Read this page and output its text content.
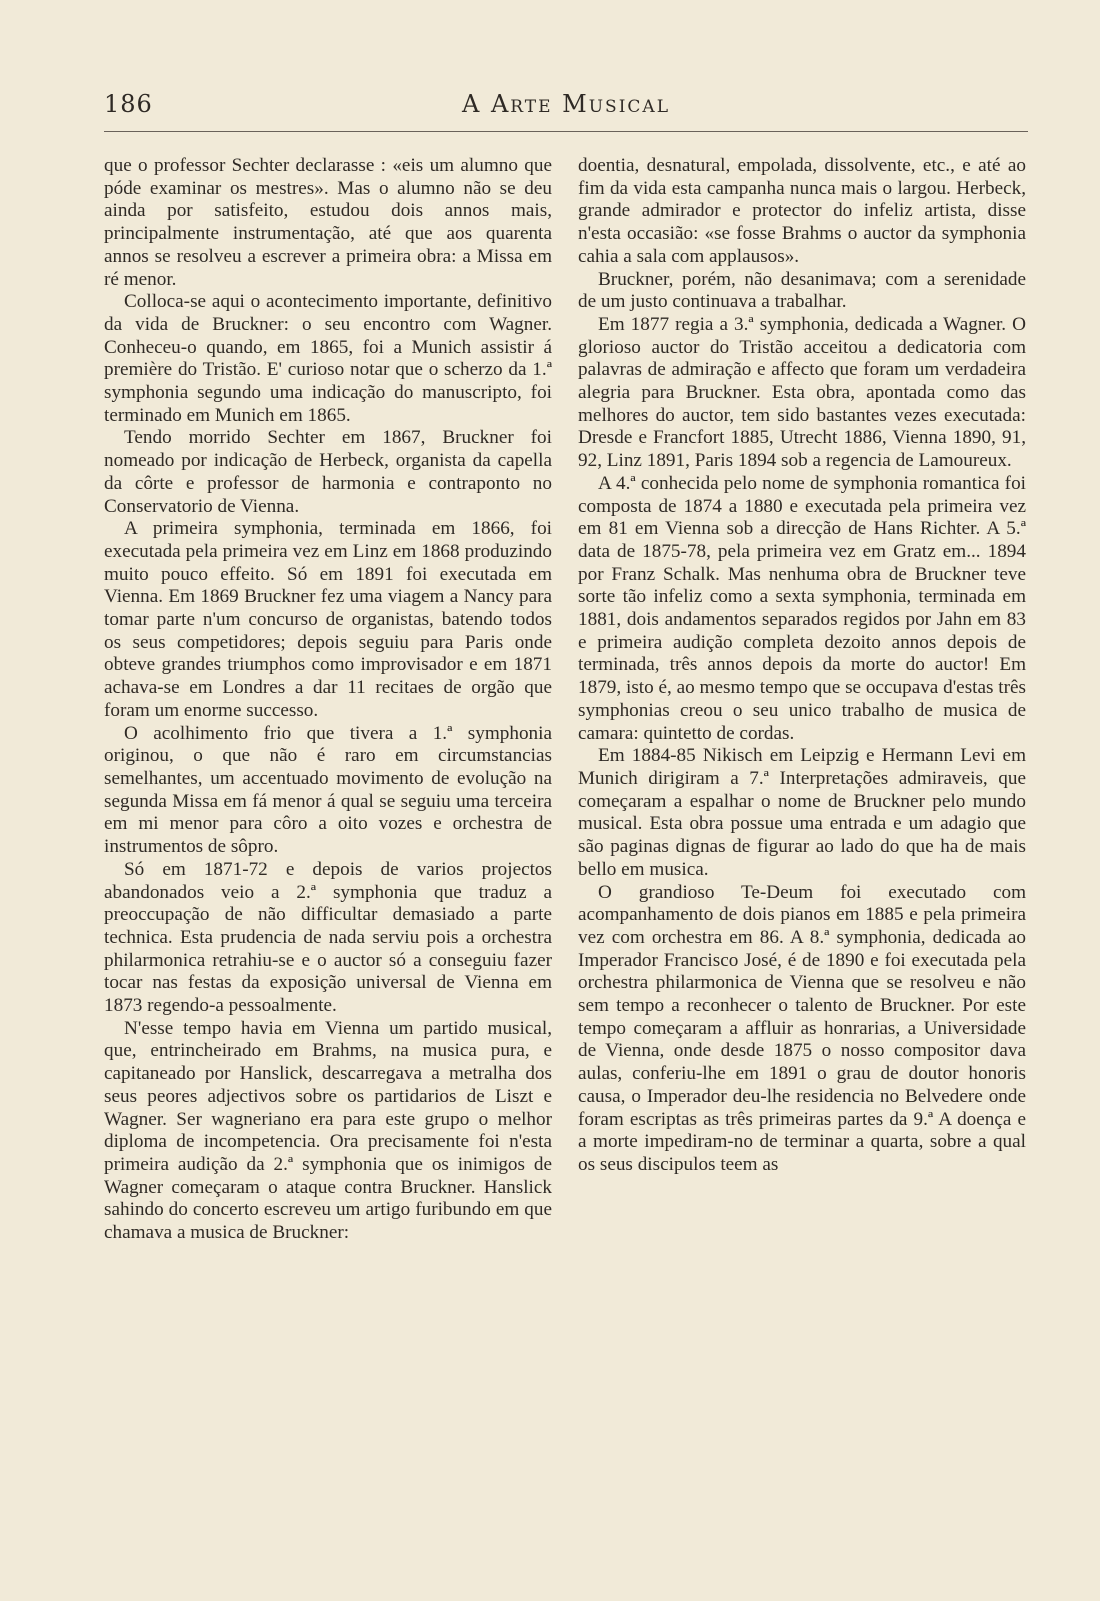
186	A Arte Musical

que o professor Sechter declarasse : «eis um alumno que póde examinar os mestres». Mas o alumno não se deu ainda por satisfeito, estudou dois annos mais, principalmente instrumentação, até que aos quarenta annos se resolveu a escrever a primeira obra: a Missa em ré menor.

Colloca-se aqui o acontecimento importante, definitivo da vida de Bruckner: o seu encontro com Wagner. Conheceu-o quando, em 1865, foi a Munich assistir á première do Tristão. E' curioso notar que o scherzo da 1.ª symphonia segundo uma indicação do manuscripto, foi terminado em Munich em 1865.

Tendo morrido Sechter em 1867, Bruckner foi nomeado por indicação de Herbeck, organista da capella da côrte e professor de harmonia e contraponto no Conservatorio de Vienna.

A primeira symphonia, terminada em 1866, foi executada pela primeira vez em Linz em 1868 produzindo muito pouco effeito. Só em 1891 foi executada em Vienna. Em 1869 Bruckner fez uma viagem a Nancy para tomar parte n'um concurso de organistas, batendo todos os seus competidores; depois seguiu para Paris onde obteve grandes triumphos como improvisador e em 1871 achava-se em Londres a dar 11 recitaes de orgão que foram um enorme successo.

O acolhimento frio que tivera a 1.ª symphonia originou, o que não é raro em circumstancias semelhantes, um accentuado movimento de evolução na segunda Missa em fá menor á qual se seguiu uma terceira em mi menor para côro a oito vozes e orchestra de instrumentos de sôpro.

Só em 1871-72 e depois de varios projectos abandonados veio a 2.ª symphonia que traduz a preoccupação de não difficultar demasiado a parte technica. Esta prudencia de nada serviu pois a orchestra philarmonica retrahiu-se e o auctor só a conseguiu fazer tocar nas festas da exposição universal de Vienna em 1873 regendo-a pessoalmente.

N'esse tempo havia em Vienna um partido musical, que, entrincheirado em Brahms, na musica pura, e capitaneado por Hanslick, descarregava a metralha dos seus peores adjectivos sobre os partidarios de Liszt e Wagner. Ser wagneriano era para este grupo o melhor diploma de incompetencia. Ora precisamente foi n'esta primeira audição da 2.ª symphonia que os inimigos de Wagner começaram o ataque contra Bruckner. Hanslick sahindo do concerto escreveu um artigo furibundo em que chamava a musica de Bruckner:

doentia, desnatural, empolada, dissolvente, etc., e até ao fim da vida esta campanha nunca mais o largou. Herbeck, grande admirador e protector do infeliz artista, disse n'esta occasião: «se fosse Brahms o auctor da symphonia cahia a sala com applausos».

Bruckner, porém, não desanimava; com a serenidade de um justo continuava a trabalhar.

Em 1877 regia a 3.ª symphonia, dedicada a Wagner. O glorioso auctor do Tristão acceitou a dedicatoria com palavras de admiração e affecto que foram um verdadeira alegria para Bruckner. Esta obra, apontada como das melhores do auctor, tem sido bastantes vezes executada: Dresde e Francfort 1885, Utrecht 1886, Vienna 1890, 91, 92, Linz 1891, Paris 1894 sob a regencia de Lamoureux.

A 4.ª conhecida pelo nome de symphonia romantica foi composta de 1874 a 1880 e executada pela primeira vez em 81 em Vienna sob a direcção de Hans Richter. A 5.ª data de 1875-78, pela primeira vez em Gratz em... 1894 por Franz Schalk. Mas nenhuma obra de Bruckner teve sorte tão infeliz como a sexta symphonia, terminada em 1881, dois andamentos separados regidos por Jahn em 83 e primeira audição completa dezoito annos depois de terminada, três annos depois da morte do auctor! Em 1879, isto é, ao mesmo tempo que se occupava d'estas três symphonias creou o seu unico trabalho de musica de camara: quintetto de cordas.

Em 1884-85 Nikisch em Leipzig e Hermann Levi em Munich dirigiram a 7.ª Interpretações admiraveis, que começaram a espalhar o nome de Bruckner pelo mundo musical. Esta obra possue uma entrada e um adagio que são paginas dignas de figurar ao lado do que ha de mais bello em musica.

O grandioso Te-Deum foi executado com acompanhamento de dois pianos em 1885 e pela primeira vez com orchestra em 86. A 8.ª symphonia, dedicada ao Imperador Francisco José, é de 1890 e foi executada pela orchestra philarmonica de Vienna que se resolveu e não sem tempo a reconhecer o talento de Bruckner. Por este tempo começaram a affluir as honrarias, a Universidade de Vienna, onde desde 1875 o nosso compositor dava aulas, conferiu-lhe em 1891 o grau de doutor honoris causa, o Imperador deu-lhe residencia no Belvedere onde foram escriptas as três primeiras partes da 9.ª A doença e a morte impediram-no de terminar a quarta, sobre a qual os seus discipulos teem as
